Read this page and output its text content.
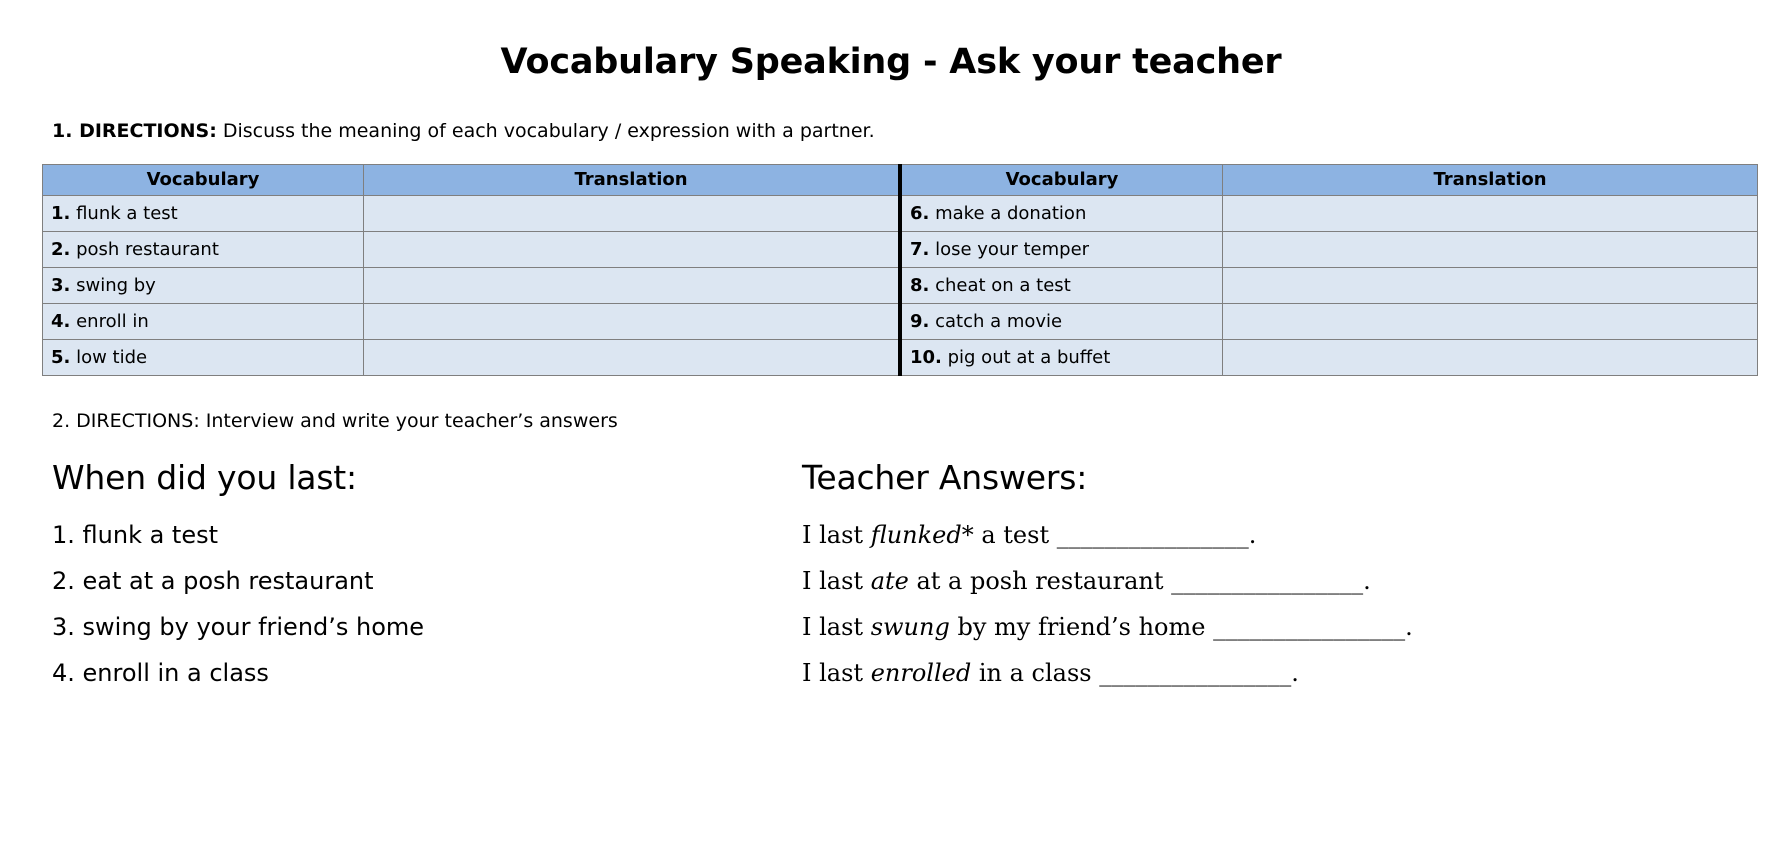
Vocabulary Speaking - Ask your teacher
1. DIRECTIONS: Discuss the meaning of each vocabulary / expression with a partner.
Vocabulary	Translation	Vocabulary	Translation
1. flunk a test		6. make a donation	
2. posh restaurant		7. lose your temper	
3. swing by		8. cheat on a test	
4. enroll in		9. catch a movie	
5. low tide		10. pig out at a buffet	
2. DIRECTIONS: Interview and write your teacher’s answers
When did you last:
1. flunk a test
2. eat at a posh restaurant
3. swing by your friend’s home
4. enroll in a class
Teacher Answers:
I last flunked* a test ________________.
I last ate at a posh restaurant ________________.
I last swung by my friend’s home ________________.
I last enrolled in a class ________________.
